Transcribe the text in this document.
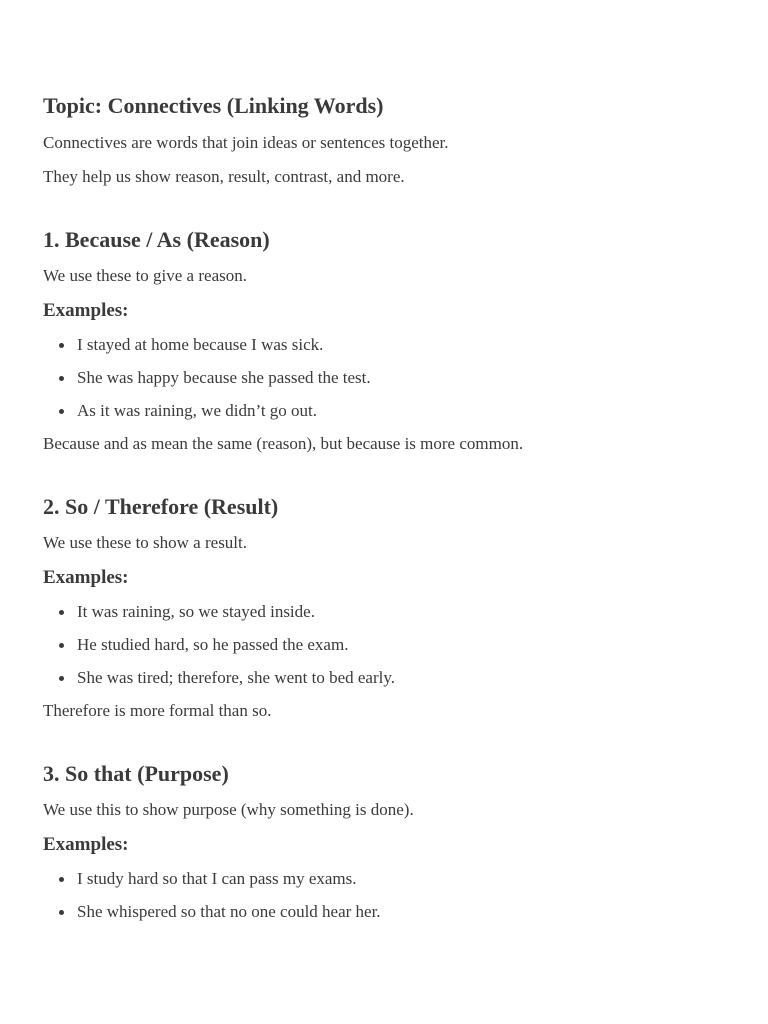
Topic: Connectives (Linking Words)

Connectives are words that join ideas or sentences together.

They help us show reason, result, contrast, and more.

1. Because / As (Reason)

We use these to give a reason.

Examples:
I stayed at home because I was sick.
She was happy because she passed the test.
As it was raining, we didn’t go out.

Because and as mean the same (reason), but because is more common.

2. So / Therefore (Result)

We use these to show a result.

Examples:
It was raining, so we stayed inside.
He studied hard, so he passed the exam.
She was tired; therefore, she went to bed early.

Therefore is more formal than so.

3. So that (Purpose)

We use this to show purpose (why something is done).

Examples:
I study hard so that I can pass my exams.
She whispered so that no one could hear her.
